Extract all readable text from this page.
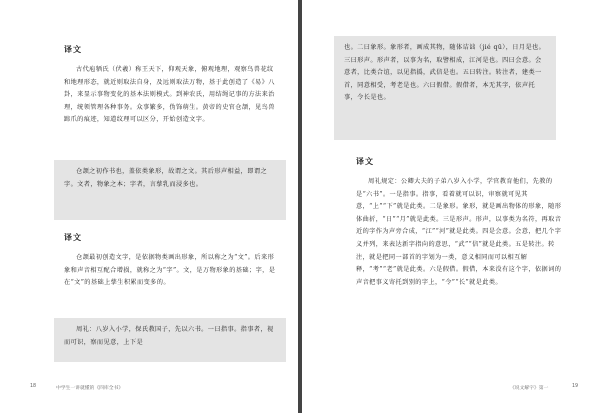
译文

古代庖牺氏（伏羲）称王天下，仰观天象，俯观地理，观察鸟兽花纹和地理形态，就近则取法自身，及远则取法万物，基于此创造了《易》八卦，来显示事物变化的基本法则模式。到神农氏，用结绳记事的方法来治理，统领管理各种事务。众事繁多，伪饰萌生。黄帝的史官仓颉，见鸟兽蹄爪的痕迹，知道纹理可以区分，开始创造文字。

仓颉之初作书也，盖依类象形，故谓之文。其后形声相益，即谓之字。文者，物象之本；字者，言孳乳而浸多也。

译文

仓颉最初创造文字，是依据物类画出形象，所以称之为“文”。后来形象和声音相互配合增损，就称之为“字”。文，是万物形象的基础；字，是在“文”的基础上孳生积累而变多的。

周礼：八岁入小学，保氏教国子，先以六书。一曰指事。指事者，视而可识，察而见意，上下是

18	中学生一讲就懂的《四库全书》

也。二曰象形。象形者，画成其物，随体诘诎（jié qū），日月是也。三曰形声。形声者，以事为名，取譬相成，江河是也。四曰会意。会意者，比类合谊，以见指撝，武信是也。五曰转注。转注者，建类一首，同意相受，考老是也。六曰假借。假借者，本无其字，依声托事，令长是也。

译文

周礼规定：公卿大夫的子弟八岁入小学，学官教育他们，先教的是“六书”。一是指事。指事，看着就可以识，审察就可见其意，“上”“下”就是此类。二是象形。象形，就是画出物体的形象，随形体曲折，“日”“月”就是此类。三是形声。形声，以事类为名符，再取音近的字作为声旁合成，“江”“河”就是此类。四是会意。会意，把几个字义并列，来表达新字指向的意思，“武”“信”就是此类。五是转注。转注，就是把同一部首的字划为一类，意义相同而可以相互解释，“考”“老”就是此类。六是假借。假借，本来没有这个字，依据词的声音把事义寄托到别的字上，“令”“长”就是此类。

《说文解字》第一	19
